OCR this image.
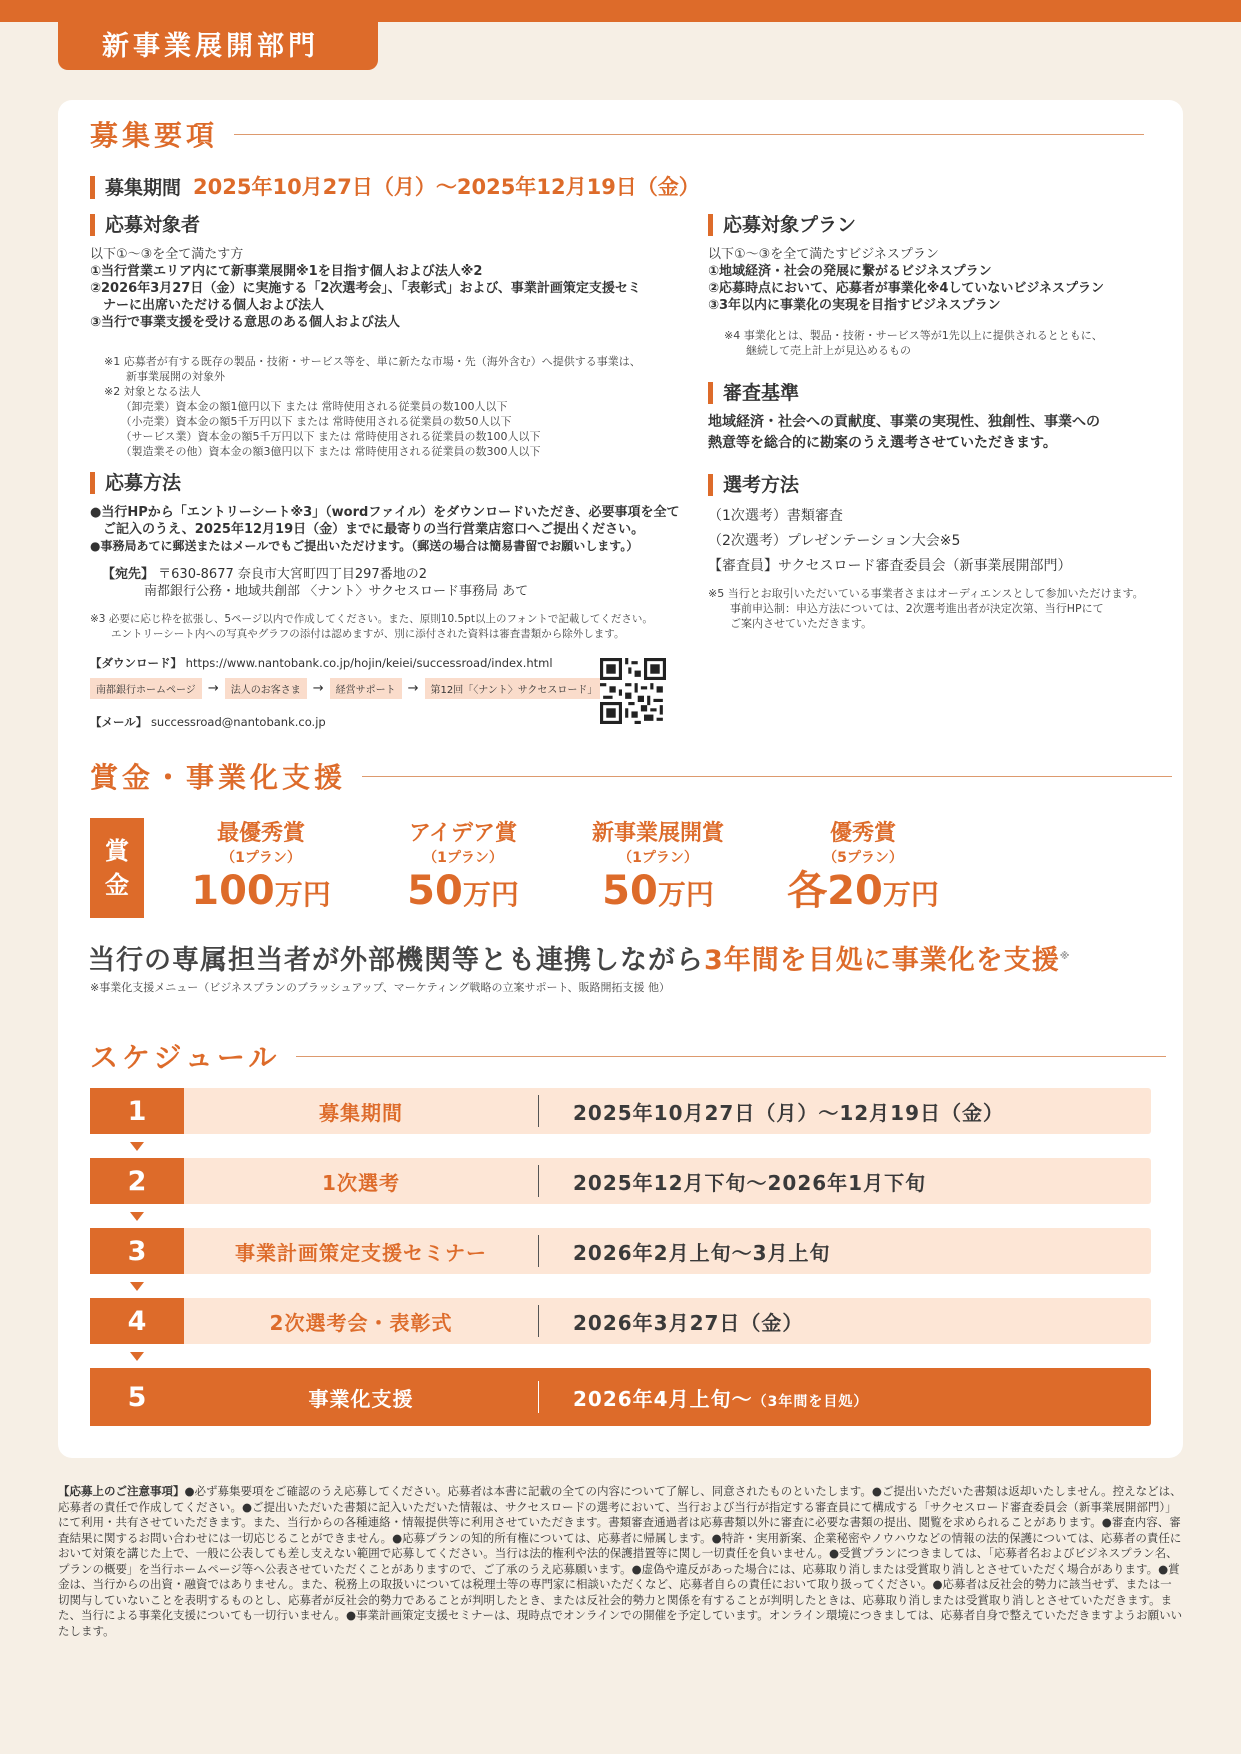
新事業展開部門
募集要項
募集期間 2025年10月27日（月）～2025年12月19日（金）
応募対象者
以下①～③を全て満たす方
①当行営業エリア内にて新事業展開※1を目指す個人および法人※2
②2026年3月27日（金）に実施する「2次選考会」、「表彰式」および、事業計画策定支援セミ
　ナーに出席いただける個人および法人
③当行で事業支援を受ける意思のある個人および法人
※1 応募者が有する既存の製品・技術・サービス等を、単に新たな市場・先（海外含む）へ提供する事業は、
　　新事業展開の対象外
※2 対象となる法人
　　（卸売業）資本金の額1億円以下 または 常時使用される従業員の数100人以下
　　（小売業）資本金の額5千万円以下 または 常時使用される従業員の数50人以下
　　（サービス業）資本金の額5千万円以下 または 常時使用される従業員の数100人以下
　　（製造業その他）資本金の額3億円以下 または 常時使用される従業員の数300人以下
応募方法
●当行HPから「エントリーシート※3」（wordファイル）をダウンロードいただき、必要事項を全て
　ご記入のうえ、2025年12月19日（金）までに最寄りの当行営業店窓口へご提出ください。
●事務局あてに郵送またはメールでもご提出いただけます。（郵送の場合は簡易書留でお願いします。）
【宛先】 〒630-8677 奈良市大宮町四丁目297番地の2
南都銀行公務・地域共創部 〈ナント〉サクセスロード事務局 あて
※3 必要に応じ枠を拡張し、5ページ以内で作成してください。また、原則10.5pt以上のフォントで記載してください。
　　エントリーシート内への写真やグラフの添付は認めますが、別に添付された資料は審査書類から除外します。
【ダウンロード】 https://www.nantobank.co.jp/hojin/keiei/successroad/index.html
南都銀行ホームページ →	法人のお客さま →	経営サポート →	第12回「〈ナント〉サクセスロード」
【メール】 successroad@nantobank.co.jp
応募対象プラン
以下①～③を全て満たすビジネスプラン
①地域経済・社会の発展に繋がるビジネスプラン
②応募時点において、応募者が事業化※4していないビジネスプラン
③3年以内に事業化の実現を目指すビジネスプラン
※4 事業化とは、製品・技術・サービス等が1先以上に提供されるとともに、
　　継続して売上計上が見込めるもの
審査基準
地域経済・社会への貢献度、事業の実現性、独創性、事業への
熱意等を総合的に勘案のうえ選考させていただきます。
選考方法
（1次選考）書類審査
（2次選考）プレゼンテーション大会※5
【審査員】サクセスロード審査委員会（新事業展開部門）
※5 当行とお取引いただいている事業者さまはオーディエンスとして参加いただけます。
　　事前申込制：申込方法については、2次選考進出者が決定次第、当行HPにて
　　ご案内させていただきます。
賞金・事業化支援
賞
金
最優秀賞
（1プラン）
100万円
アイデア賞
（1プラン）
50万円
新事業展開賞
（1プラン）
50万円
優秀賞
（5プラン）
各20万円
当行の専属担当者が外部機関等とも連携しながら3年間を目処に事業化を支援※
※事業化支援メニュー（ビジネスプランのブラッシュアップ、マーケティング戦略の立案サポート、販路開拓支援 他）
スケジュール
1	募集期間	2025年10月27日（月）～12月19日（金）
2	1次選考	2025年12月下旬～2026年1月下旬
3	事業計画策定支援セミナー	2026年2月上旬～3月上旬
4	2次選考会・表彰式	2026年3月27日（金）
5	事業化支援	2026年4月上旬～（3年間を目処）
【応募上のご注意事項】●必ず募集要項をご確認のうえ応募してください。応募者は本書に記載の全ての内容について了解し、同意されたものといたします。●ご提出いただいた書類は返却いたしません。控えなどは、応募者の責任で作成してください。●ご提出いただいた書類に記入いただいた情報は、サクセスロードの選考において、当行および当行が指定する審査員にて構成する「サクセスロード審査委員会（新事業展開部門）」にて利用・共有させていただきます。また、当行からの各種連絡・情報提供等に利用させていただきます。書類審査通過者は応募書類以外に審査に必要な書類の提出、閲覧を求められることがあります。●審査内容、審査結果に関するお問い合わせには一切応じることができません。●応募プランの知的所有権については、応募者に帰属します。●特許・実用新案、企業秘密やノウハウなどの情報の法的保護については、応募者の責任において対策を講じた上で、一般に公表しても差し支えない範囲で応募してください。当行は法的権利や法的保護措置等に関し一切責任を負いません。●受賞プランにつきましては、「応募者名およびビジネスプラン名、プランの概要」を当行ホームページ等へ公表させていただくことがありますので、ご了承のうえ応募願います。●虚偽や違反があった場合には、応募取り消しまたは受賞取り消しとさせていただく場合があります。●賞金は、当行からの出資・融資ではありません。また、税務上の取扱いについては税理士等の専門家に相談いただくなど、応募者自らの責任において取り扱ってください。●応募者は反社会的勢力に該当せず、または一切関与していないことを表明するものとし、応募者が反社会的勢力であることが判明したとき、または反社会的勢力と関係を有することが判明したときは、応募取り消しまたは受賞取り消しとさせていただきます。また、当行による事業化支援についても一切行いません。●事業計画策定支援セミナーは、現時点でオンラインでの開催を予定しています。オンライン環境につきましては、応募者自身で整えていただきますようお願いいたします。
